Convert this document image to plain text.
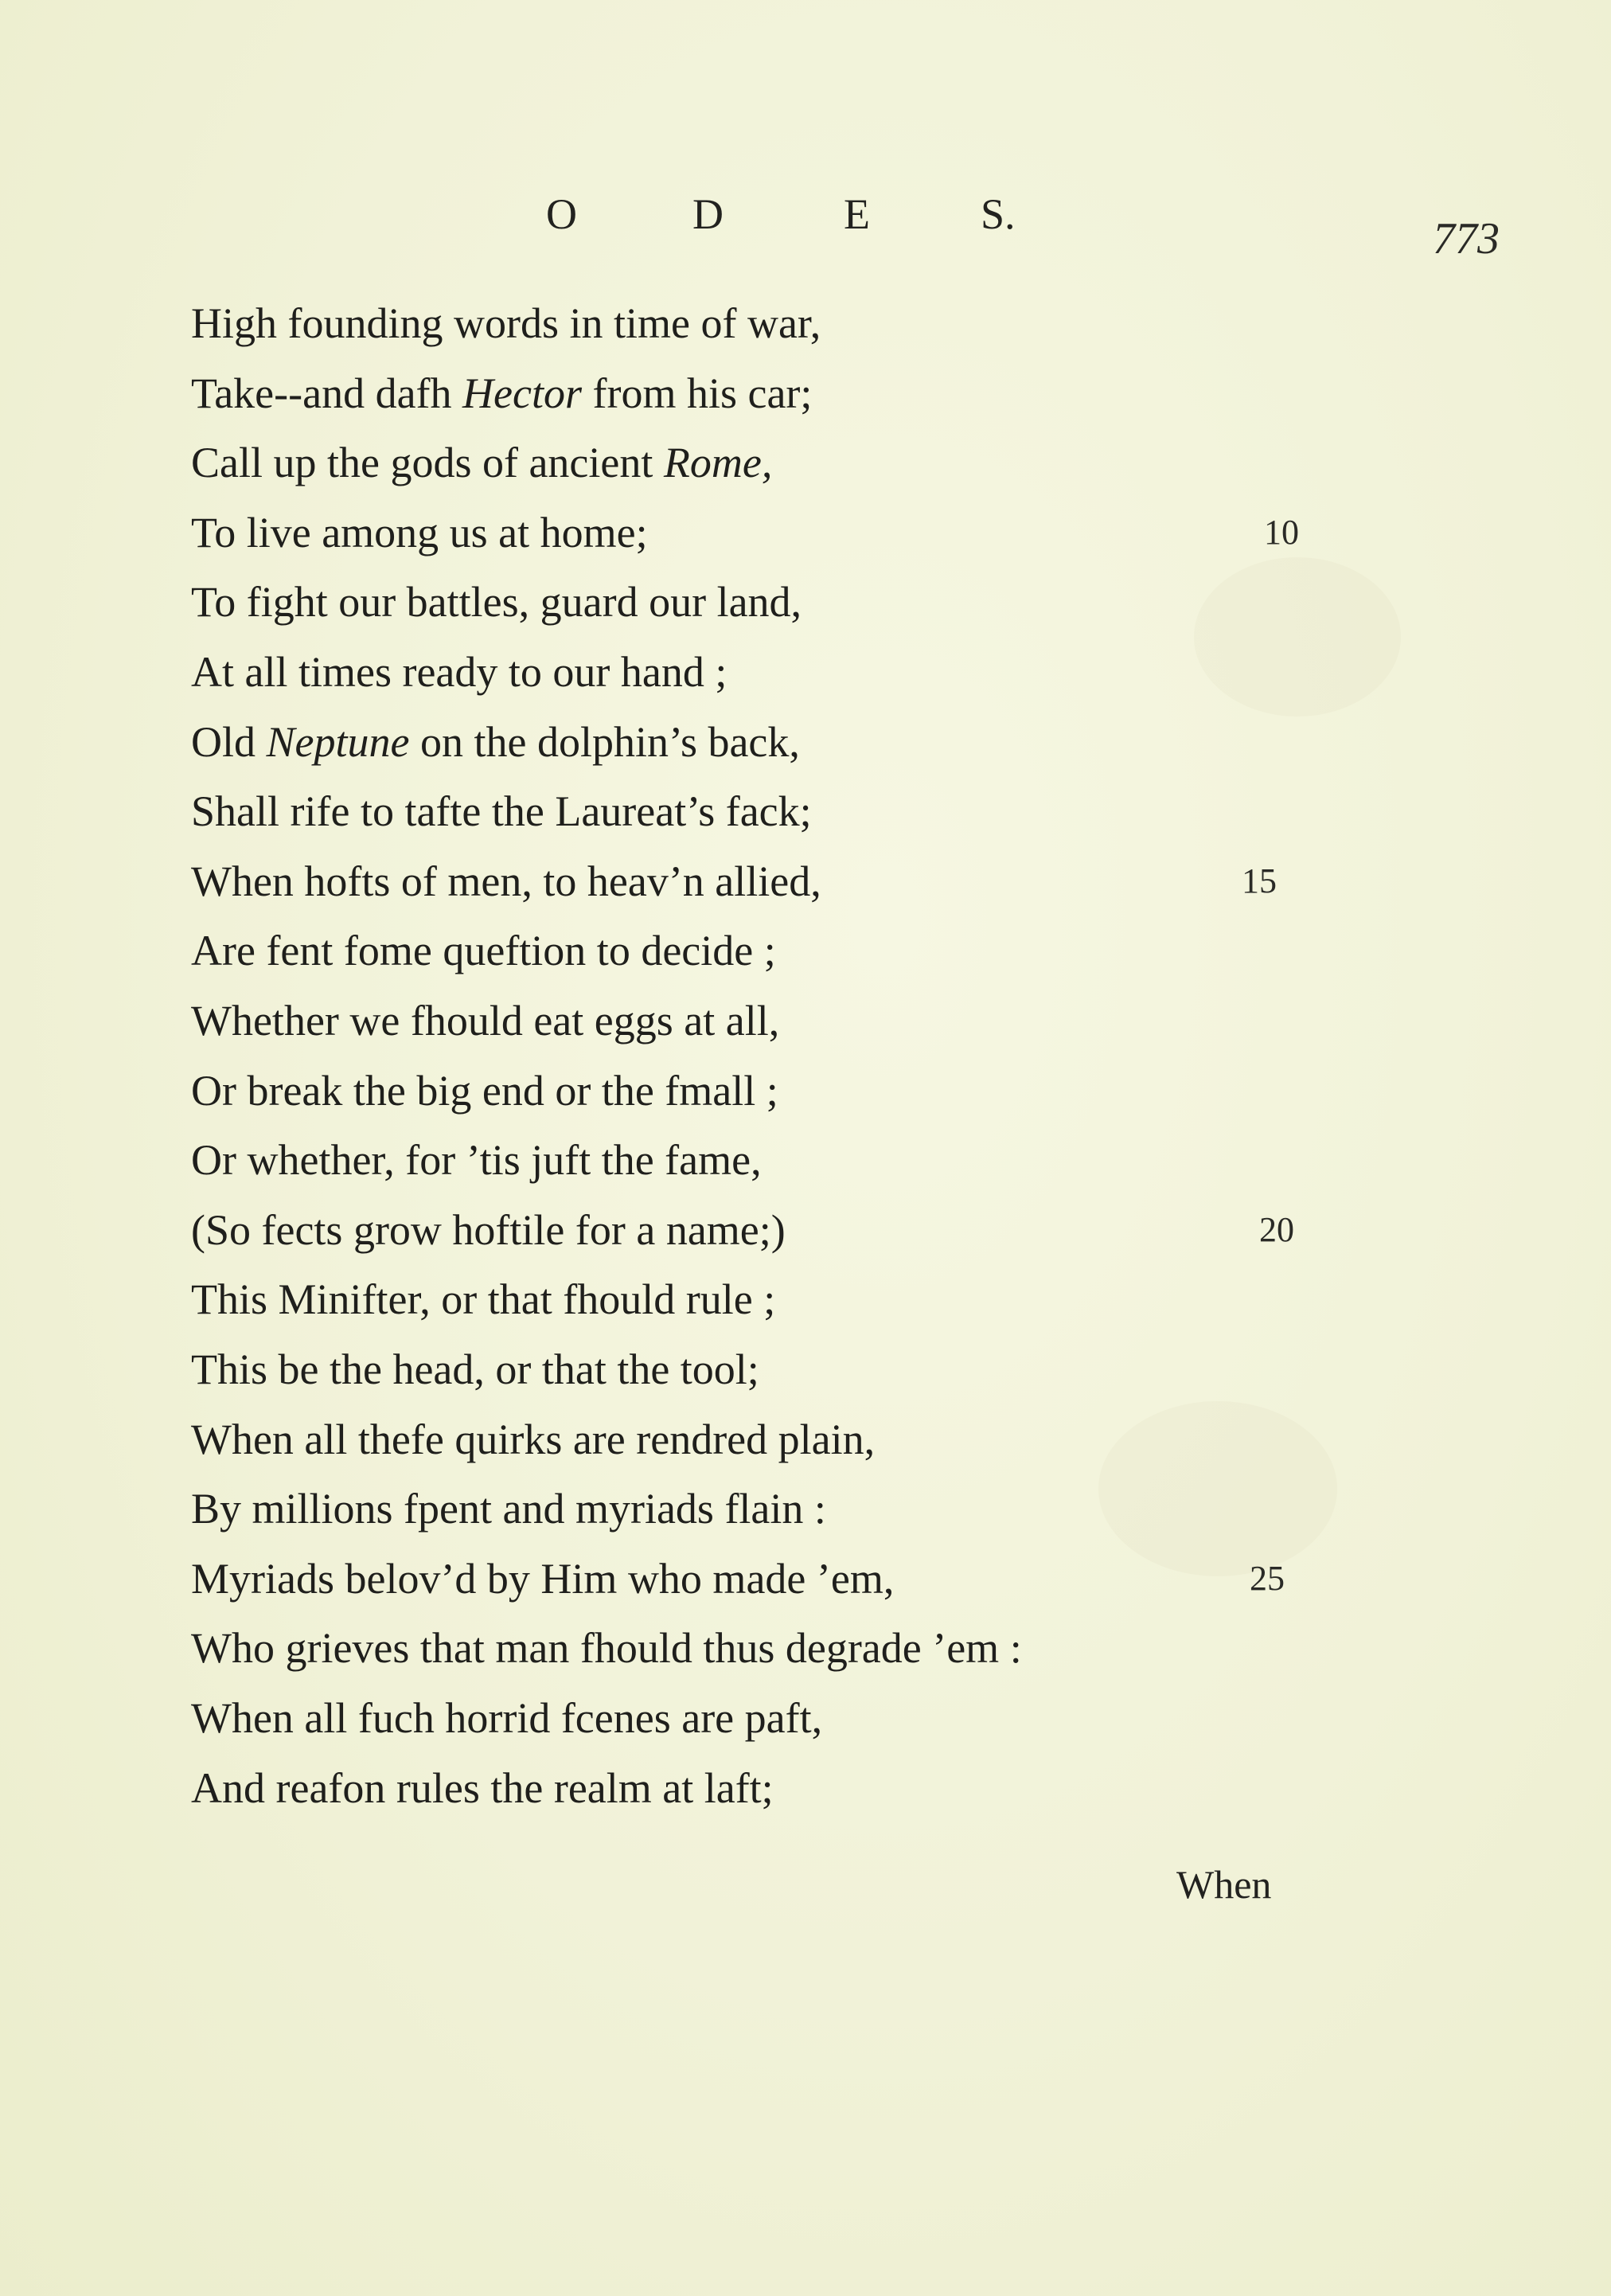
O	D	E	S.	773
High founding words in time of war,
Take--and dafh Hector from his car;
Call up the gods of ancient Rome,
To live among us at home;	10
To fight our battles, guard our land,
At all times ready to our hand ;
Old Neptune on the dolphin’s back,
Shall rife to tafte the Laureat’s fack;
When hofts of men, to heav’n allied,	15
Are fent fome queftion to decide ;
Whether we fhould eat eggs at all,
Or break the big end or the fmall ;
Or whether, for ’tis juft the fame,
(So fects grow hoftile for a name;)	20
This Minifter, or that fhould rule ;
This be the head, or that the tool;
When all thefe quirks are rendred plain,
By millions fpent and myriads flain :
Myriads belov’d by Him who made ’em,	25
Who grieves that man fhould thus degrade ’em :
When all fuch horrid fcenes are paft,
And reafon rules the realm at laft;
When
